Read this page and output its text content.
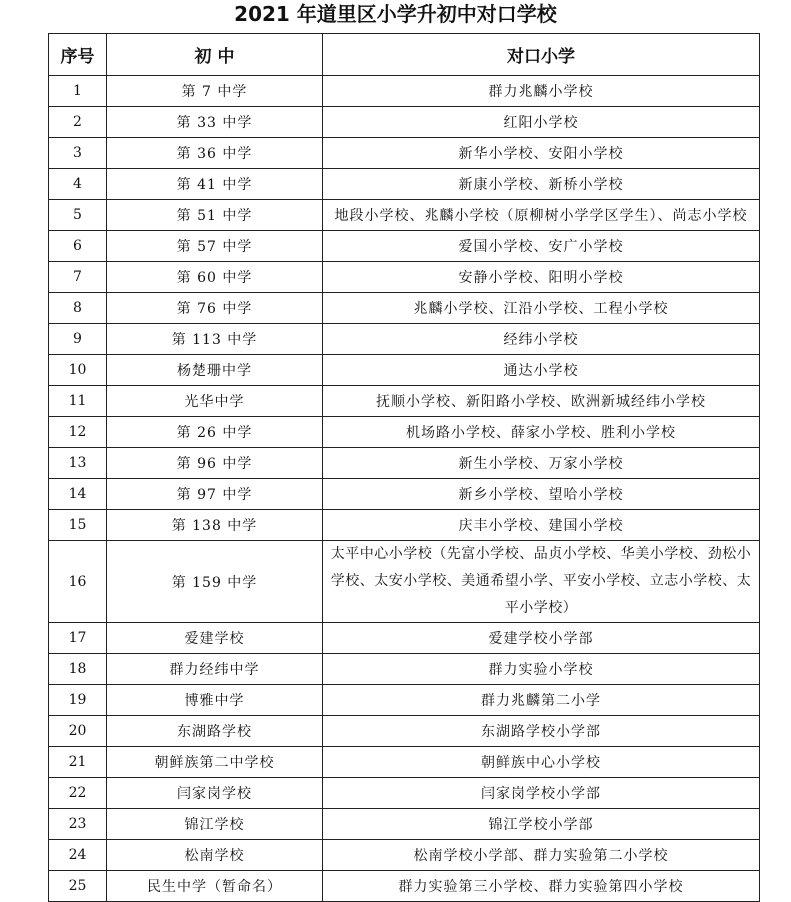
2021 年道里区小学升初中对口学校
序号	初 中	对口小学
1	第 7 中学	群力兆麟小学校
2	第 33 中学	红阳小学校
3	第 36 中学	新华小学校、安阳小学校
4	第 41 中学	新康小学校、新桥小学校
5	第 51 中学	地段小学校、兆麟小学校（原柳树小学学区学生）、尚志小学校
6	第 57 中学	爱国小学校、安广小学校
7	第 60 中学	安静小学校、阳明小学校
8	第 76 中学	兆麟小学校、江沿小学校、工程小学校
9	第 113 中学	经纬小学校
10	杨楚珊中学	通达小学校
11	光华中学	抚顺小学校、新阳路小学校、欧洲新城经纬小学校
12	第 26 中学	机场路小学校、薛家小学校、胜利小学校
13	第 96 中学	新生小学校、万家小学校
14	第 97 中学	新乡小学校、望哈小学校
15	第 138 中学	庆丰小学校、建国小学校
16	第 159 中学	太平中心小学校（先富小学校、品贞小学校、华美小学校、劲松小学校、太安小学校、美通希望小学、平安小学校、立志小学校、太平小学校）
17	爱建学校	爱建学校小学部
18	群力经纬中学	群力实验小学校
19	博雅中学	群力兆麟第二小学
20	东湖路学校	东湖路学校小学部
21	朝鲜族第二中学校	朝鲜族中心小学校
22	闫家岗学校	闫家岗学校小学部
23	锦江学校	锦江学校小学部
24	松南学校	松南学校小学部、群力实验第二小学校
25	民生中学（暂命名）	群力实验第三小学校、群力实验第四小学校
